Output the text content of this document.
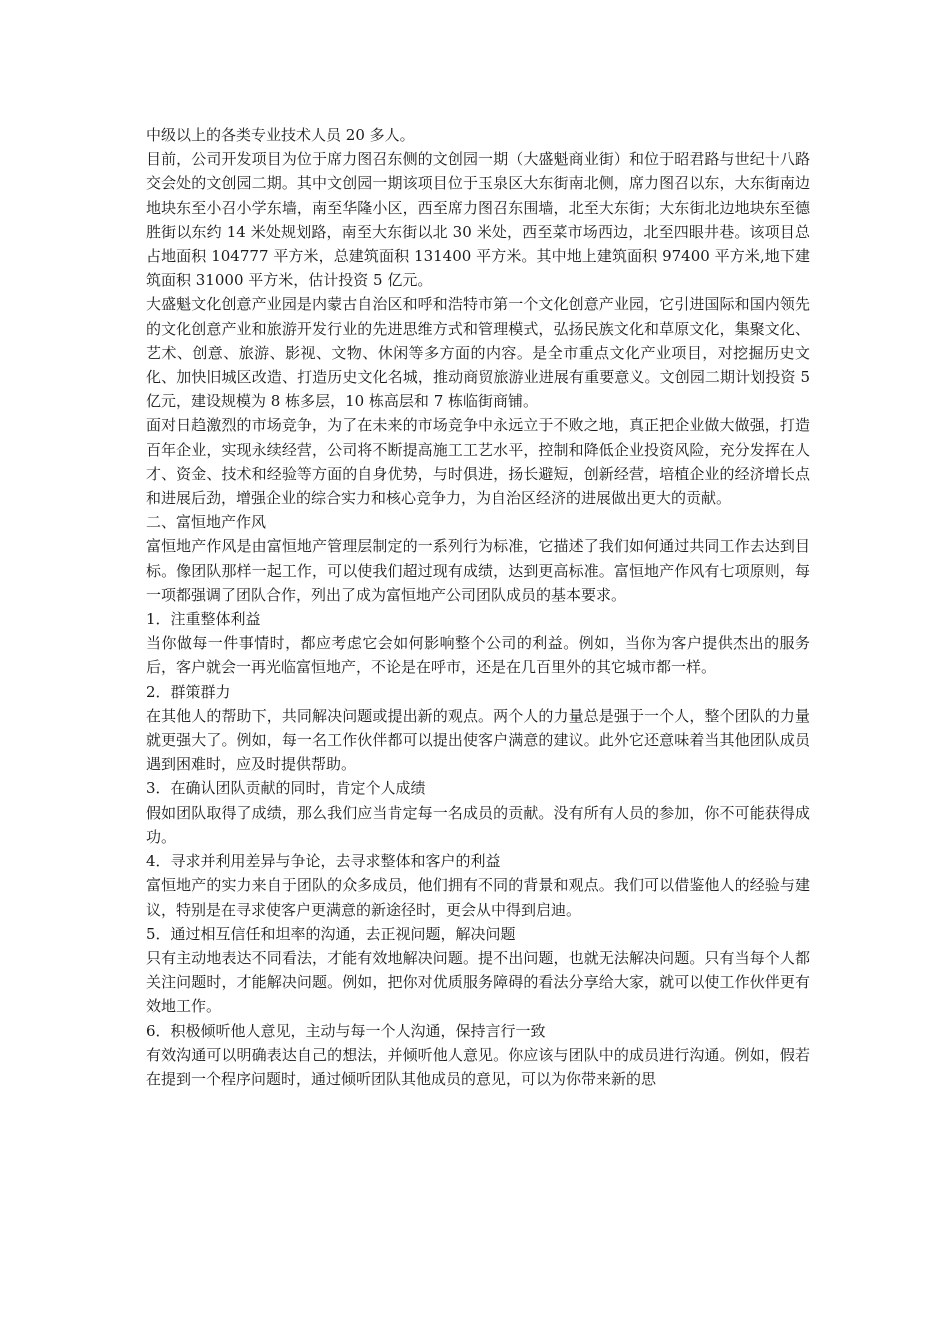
中级以上的各类专业技术人员 20 多人。

目前，公司开发项目为位于席力图召东侧的文创园一期（大盛魁商业街）和位于昭君路与世纪十八路交会处的文创园二期。其中文创园一期该项目位于玉泉区大东街南北侧，席力图召以东，大东街南边地块东至小召小学东墙，南至华隆小区，西至席力图召东围墙，北至大东街；大东街北边地块东至德胜街以东约 14 米处规划路，南至大东街以北 30 米处，西至菜市场西边，北至四眼井巷。该项目总占地面积 104777 平方米，总建筑面积 131400 平方米。其中地上建筑面积 97400 平方米,地下建筑面积 31000 平方米，估计投资 5 亿元。

大盛魁文化创意产业园是内蒙古自治区和呼和浩特市第一个文化创意产业园，它引进国际和国内领先的文化创意产业和旅游开发行业的先进思维方式和管理模式，弘扬民族文化和草原文化，集聚文化、艺术、创意、旅游、影视、文物、休闲等多方面的内容。是全市重点文化产业项目，对挖掘历史文化、加快旧城区改造、打造历史文化名城，推动商贸旅游业进展有重要意义。文创园二期计划投资 5 亿元，建设规模为 8 栋多层，10 栋高层和 7 栋临街商铺。

面对日趋激烈的市场竞争，为了在未来的市场竞争中永远立于不败之地，真正把企业做大做强，打造百年企业，实现永续经营，公司将不断提高施工工艺水平，控制和降低企业投资风险，充分发挥在人才、资金、技术和经验等方面的自身优势，与时俱进，扬长避短，创新经营，培植企业的经济增长点和进展后劲，增强企业的综合实力和核心竞争力，为自治区经济的进展做出更大的贡献。

二、富恒地产作风

富恒地产作风是由富恒地产管理层制定的一系列行为标准，它描述了我们如何通过共同工作去达到目标。像团队那样一起工作，可以使我们超过现有成绩，达到更高标准。富恒地产作风有七项原则，每一项都强调了团队合作，列出了成为富恒地产公司团队成员的基本要求。

1．注重整体利益

当你做每一件事情时，都应考虑它会如何影响整个公司的利益。例如，当你为客户提供杰出的服务后，客户就会一再光临富恒地产，不论是在呼市，还是在几百里外的其它城市都一样。

2．群策群力

在其他人的帮助下，共同解决问题或提出新的观点。两个人的力量总是强于一个人，整个团队的力量就更强大了。例如，每一名工作伙伴都可以提出使客户满意的建议。此外它还意味着当其他团队成员遇到困难时，应及时提供帮助。

3．在确认团队贡献的同时，肯定个人成绩

假如团队取得了成绩，那么我们应当肯定每一名成员的贡献。没有所有人员的参加，你不可能获得成功。

4．寻求并利用差异与争论，去寻求整体和客户的利益

富恒地产的实力来自于团队的众多成员，他们拥有不同的背景和观点。我们可以借鉴他人的经验与建议，特别是在寻求使客户更满意的新途径时，更会从中得到启迪。

5．通过相互信任和坦率的沟通，去正视问题，解决问题

只有主动地表达不同看法，才能有效地解决问题。提不出问题，也就无法解决问题。只有当每个人都关注问题时，才能解决问题。例如，把你对优质服务障碍的看法分享给大家，就可以使工作伙伴更有效地工作。

6．积极倾听他人意见，主动与每一个人沟通，保持言行一致

有效沟通可以明确表达自己的想法，并倾听他人意见。你应该与团队中的成员进行沟通。例如，假若在提到一个程序问题时，通过倾听团队其他成员的意见，可以为你带来新的思
